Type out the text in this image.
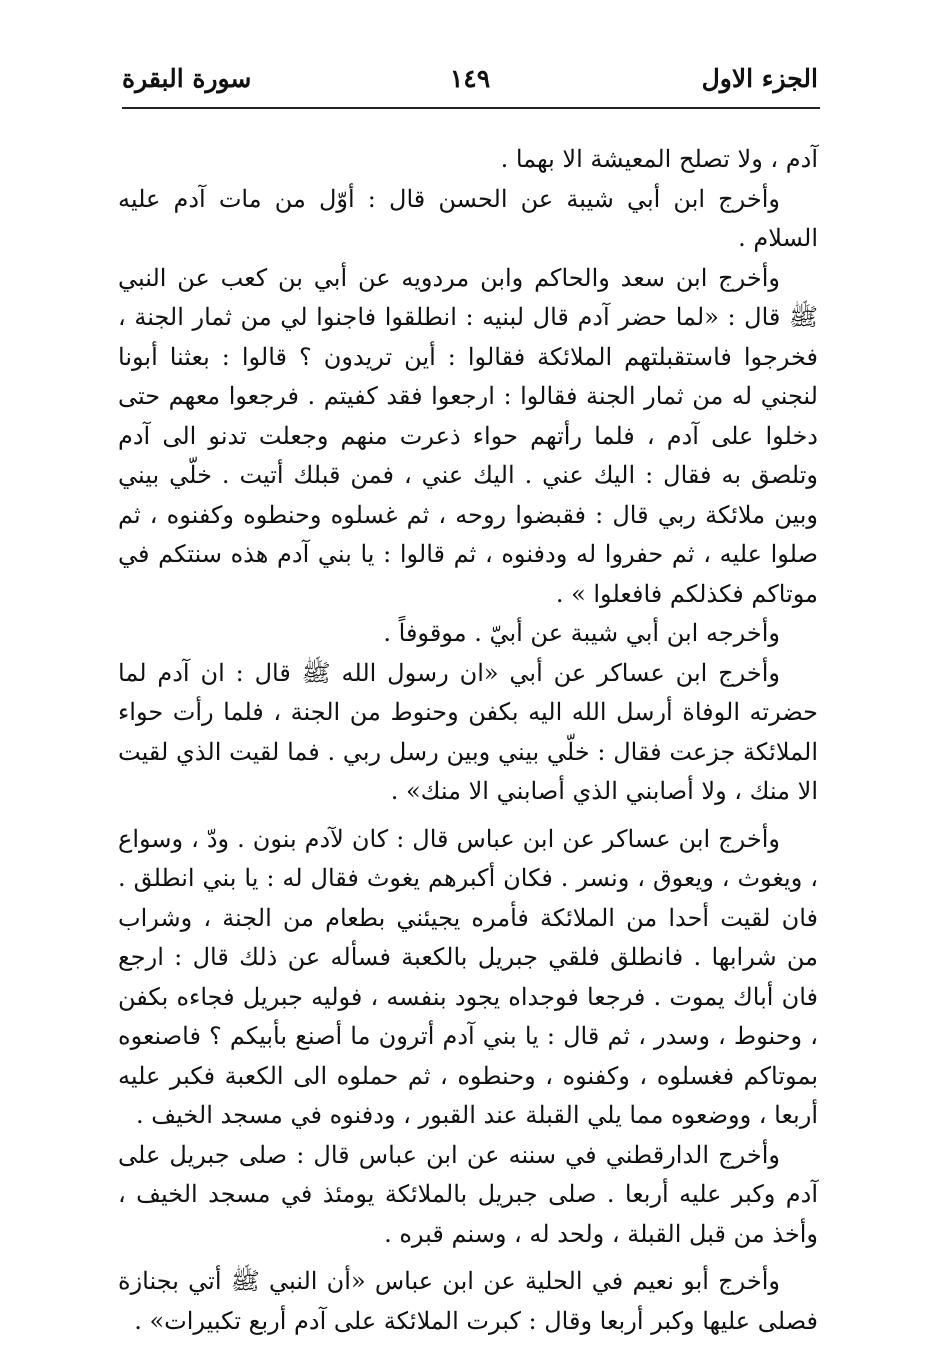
الجزء الاول
١٤٩
سورة البقرة

آدم ، ولا تصلح المعيشة الا بهما .

وأخرج ابن أبي شيبة عن الحسن قال : أوّل من مات آدم عليه السلام .

وأخرج ابن سعد والحاكم وابن مردويه عن أبي بن كعب عن النبي ﷺ قال : «لما حضر آدم قال لبنيه : انطلقوا فاجنوا لي من ثمار الجنة ، فخرجوا فاستقبلتهم الملائكة فقالوا : أين تريدون ؟ قالوا : بعثنا أبونا لنجني له من ثمار الجنة فقالوا : ارجعوا فقد كفيتم . فرجعوا معهم حتى دخلوا على آدم ، فلما رأتهم حواء ذعرت منهم وجعلت تدنو الى آدم وتلصق به فقال : اليك عني . اليك عني ، فمن قبلك أتيت . خلّي بيني وبين ملائكة ربي قال : فقبضوا روحه ، ثم غسلوه وحنطوه وكفنوه ، ثم صلوا عليه ، ثم حفروا له ودفنوه ، ثم قالوا : يا بني آدم هذه سنتكم في موتاكم فكذلكم فافعلوا » .

وأخرجه ابن أبي شيبة عن أبيّ . موقوفاً .

وأخرج ابن عساكر عن أبي «ان رسول الله ﷺ قال : ان آدم لما حضرته الوفاة أرسل الله اليه بكفن وحنوط من الجنة ، فلما رأت حواء الملائكة جزعت فقال : خلّي بيني وبين رسل ربي . فما لقيت الذي لقيت الا منك ، ولا أصابني الذي أصابني الا منك» .

وأخرج ابن عساكر عن ابن عباس قال : كان لآدم بنون . ودّ ، وسواع ، ويغوث ، ويعوق ، ونسر . فكان أكبرهم يغوث فقال له : يا بني انطلق . فان لقيت أحدا من الملائكة فأمره يجيئني بطعام من الجنة ، وشراب من شرابها . فانطلق فلقي جبريل بالكعبة فسأله عن ذلك قال : ارجع فان أباك يموت . فرجعا فوجداه يجود بنفسه ، فوليه جبريل فجاءه بكفن ، وحنوط ، وسدر ، ثم قال : يا بني آدم أترون ما أصنع بأبيكم ؟ فاصنعوه بموتاكم فغسلوه ، وكفنوه ، وحنطوه ، ثم حملوه الى الكعبة فكبر عليه أربعا ، ووضعوه مما يلي القبلة عند القبور ، ودفنوه في مسجد الخيف .

وأخرج الدارقطني في سننه عن ابن عباس قال : صلى جبريل على آدم وكبر عليه أربعا . صلى جبريل بالملائكة يومئذ في مسجد الخيف ، وأخذ من قبل القبلة ، ولحد له ، وسنم قبره .

وأخرج أبو نعيم في الحلية عن ابن عباس «أن النبي ﷺ أتي بجنازة فصلى عليها وكبر أربعا وقال : كبرت الملائكة على آدم أربع تكبيرات» .
